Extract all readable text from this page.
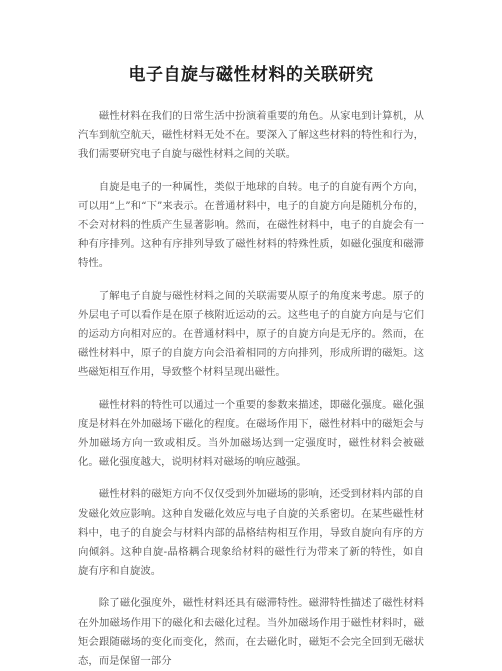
电子自旋与磁性材料的关联研究

磁性材料在我们的日常生活中扮演着重要的角色。从家电到计算机，从汽车到航空航天，磁性材料无处不在。要深入了解这些材料的特性和行为，我们需要研究电子自旋与磁性材料之间的关联。

自旋是电子的一种属性，类似于地球的自转。电子的自旋有两个方向，可以用“上”和“下”来表示。在普通材料中，电子的自旋方向是随机分布的，不会对材料的性质产生显著影响。然而，在磁性材料中，电子的自旋会有一种有序排列。这种有序排列导致了磁性材料的特殊性质，如磁化强度和磁滞特性。

了解电子自旋与磁性材料之间的关联需要从原子的角度来考虑。原子的外层电子可以看作是在原子核附近运动的云。这些电子的自旋方向是与它们的运动方向相对应的。在普通材料中，原子的自旋方向是无序的。然而，在磁性材料中，原子的自旋方向会沿着相同的方向排列，形成所谓的磁矩。这些磁矩相互作用，导致整个材料呈现出磁性。

磁性材料的特性可以通过一个重要的参数来描述，即磁化强度。磁化强度是材料在外加磁场下磁化的程度。在磁场作用下，磁性材料中的磁矩会与外加磁场方向一致或相反。当外加磁场达到一定强度时，磁性材料会被磁化。磁化强度越大，说明材料对磁场的响应越强。

磁性材料的磁矩方向不仅仅受到外加磁场的影响，还受到材料内部的自发磁化效应影响。这种自发磁化效应与电子自旋的关系密切。在某些磁性材料中，电子的自旋会与材料内部的晶格结构相互作用，导致自旋向有序的方向倾斜。这种自旋-晶格耦合现象给材料的磁性行为带来了新的特性，如自旋有序和自旋波。

除了磁化强度外，磁性材料还具有磁滞特性。磁滞特性描述了磁性材料在外加磁场作用下的磁化和去磁化过程。当外加磁场作用于磁性材料时，磁矩会跟随磁场的变化而变化，然而，在去磁化时，磁矩不会完全回到无磁状态，而是保留一部分
